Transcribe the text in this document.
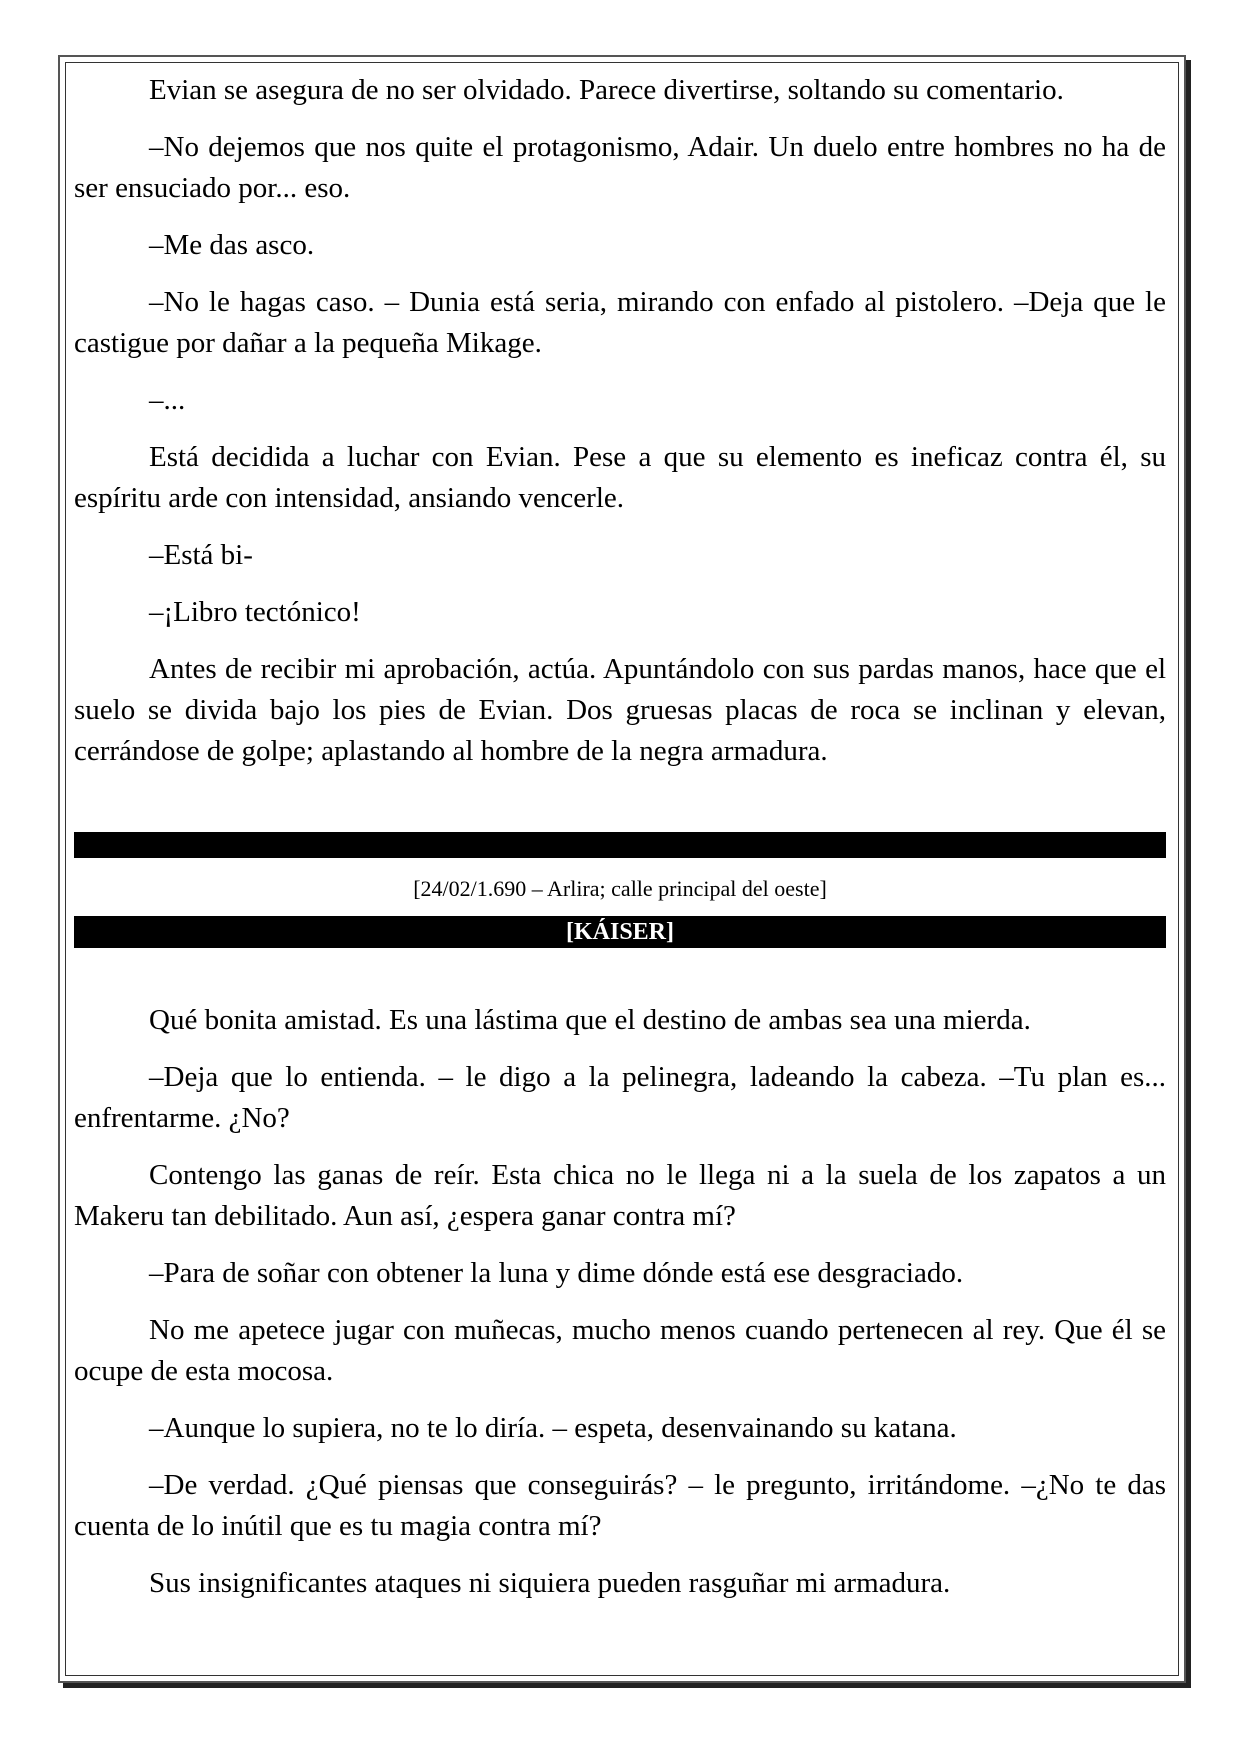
Evian se asegura de no ser olvidado. Parece divertirse, soltando su comentario.

–No dejemos que nos quite el protagonismo, Adair. Un duelo entre hombres no ha de ser ensuciado por... eso.

–Me das asco.

–No le hagas caso. – Dunia está seria, mirando con enfado al pistolero. –Deja que le castigue por dañar a la pequeña Mikage.

–...

Está decidida a luchar con Evian. Pese a que su elemento es ineficaz contra él, su espíritu arde con intensidad, ansiando vencerle.

–Está bi-

–¡Libro tectónico!

Antes de recibir mi aprobación, actúa. Apuntándolo con sus pardas manos, hace que el suelo se divida bajo los pies de Evian. Dos gruesas placas de roca se inclinan y elevan, cerrándose de golpe; aplastando al hombre de la negra armadura.

[24/02/1.690 – Arlira; calle principal del oeste]
[KÁISER]

Qué bonita amistad. Es una lástima que el destino de ambas sea una mierda.

–Deja que lo entienda. – le digo a la pelinegra, ladeando la cabeza. –Tu plan es... enfrentarme. ¿No?

Contengo las ganas de reír. Esta chica no le llega ni a la suela de los zapatos a un Makeru tan debilitado. Aun así, ¿espera ganar contra mí?

–Para de soñar con obtener la luna y dime dónde está ese desgraciado.

No me apetece jugar con muñecas, mucho menos cuando pertenecen al rey. Que él se ocupe de esta mocosa.

–Aunque lo supiera, no te lo diría. – espeta, desenvainando su katana.

–De verdad. ¿Qué piensas que conseguirás? – le pregunto, irritándome. –¿No te das cuenta de lo inútil que es tu magia contra mí?

Sus insignificantes ataques ni siquiera pueden rasguñar mi armadura.
